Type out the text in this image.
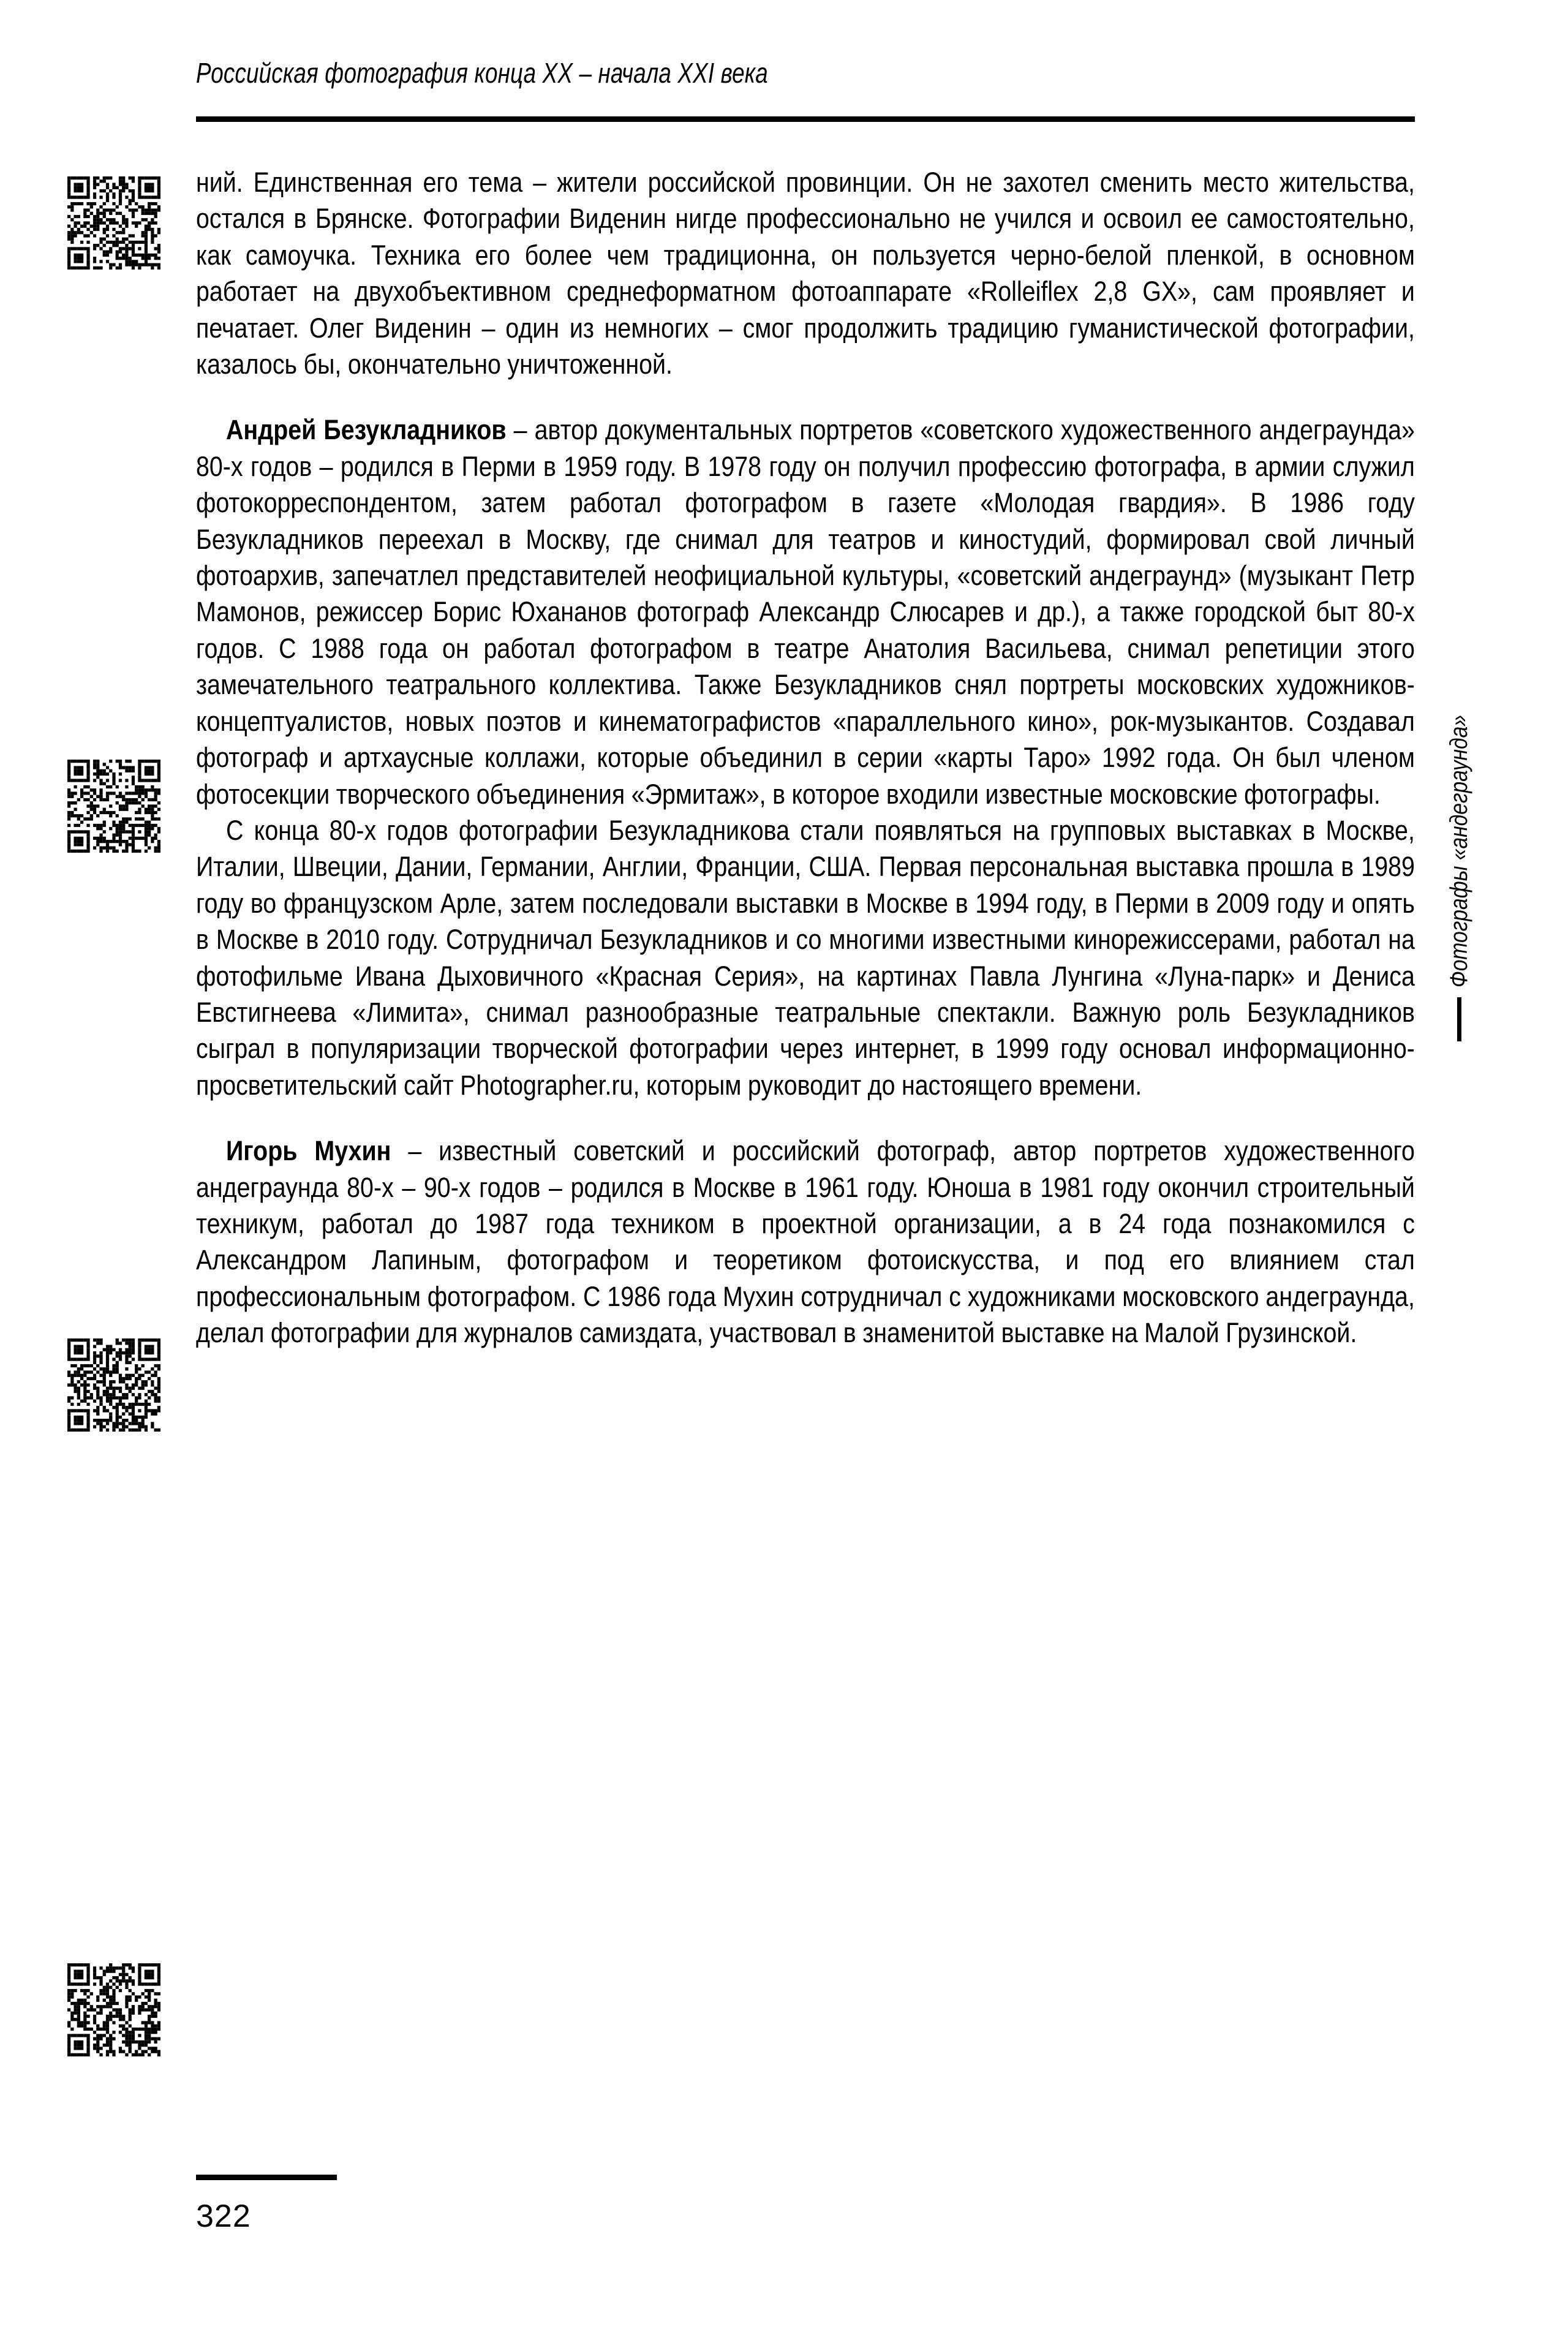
Российская фотография конца XX – начала XXI века

ний. Единственная его тема – жители российской провинции. Он не захотел сменить место жительства, остался в Брянске. Фотографии Виденин нигде профессионально не учился и освоил ее самостоятельно, как самоучка. Техника его более чем традиционна, он пользуется черно-белой пленкой, в основном работает на двухобъективном среднеформатном фотоаппарате «Rolleiflex 2,8 GX», сам проявляет и печатает. Олег Виденин – один из немногих – смог продолжить традицию гуманистической фотографии, казалось бы, окончательно уничтоженной.

Андрей Безукладников – автор документальных портретов «советского художественного андеграунда» 80-х годов – родился в Перми в 1959 году. В 1978 году он получил профессию фотографа, в армии служил фотокорреспондентом, затем работал фотографом в газете «Молодая гвардия». В 1986 году Безукладников переехал в Москву, где снимал для театров и киностудий, формировал свой личный фотоархив, запечатлел представителей неофициальной культуры, «советский андеграунд» (музыкант Петр Мамонов, режиссер Борис Юхананов фотограф Александр Слюсарев и др.), а также городской быт 80-х годов. С 1988 года он работал фотографом в театре Анатолия Васильева, снимал репетиции этого замечательного театрального коллектива. Также Безукладников снял портреты московских художников-концептуалистов, новых поэтов и кинематографистов «параллельного кино», рок-музыкантов. Создавал фотограф и артхаусные коллажи, которые объединил в серии «карты Таро» 1992 года. Он был членом фотосекции творческого объединения «Эрмитаж», в которое входили известные московские фотографы.

С конца 80-х годов фотографии Безукладникова стали появляться на групповых выставках в Москве, Италии, Швеции, Дании, Германии, Англии, Франции, США. Первая персональная выставка прошла в 1989 году во французском Арле, затем последовали выставки в Москве в 1994 году, в Перми в 2009 году и опять в Москве в 2010 году. Сотрудничал Безукладников и со многими известными кинорежиссерами, работал на фотофильме Ивана Дыховичного «Красная Серия», на картинах Павла Лунгина «Луна-парк» и Дениса Евстигнеева «Лимита», снимал разнообразные театральные спектакли. Важную роль Безукладников сыграл в популяризации творческой фотографии через интернет, в 1999 году основал информационно-просветительский сайт Photographer.ru, которым руководит до настоящего времени.

Игорь Мухин – известный советский и российский фотограф, автор портретов художественного андеграунда 80-х – 90-х годов – родился в Москве в 1961 году. Юноша в 1981 году окончил строительный техникум, работал до 1987 года техником в проектной организации, а в 24 года познакомился с Александром Лапиным, фотографом и теоретиком фотоискусства, и под его влиянием стал профессиональным фотографом. С 1986 года Мухин сотрудничал с художниками московского андеграунда, делал фотографии для журналов самиздата, участвовал в знаменитой выставке на Малой Грузинской.

Фотографы «андеграунда»
322
